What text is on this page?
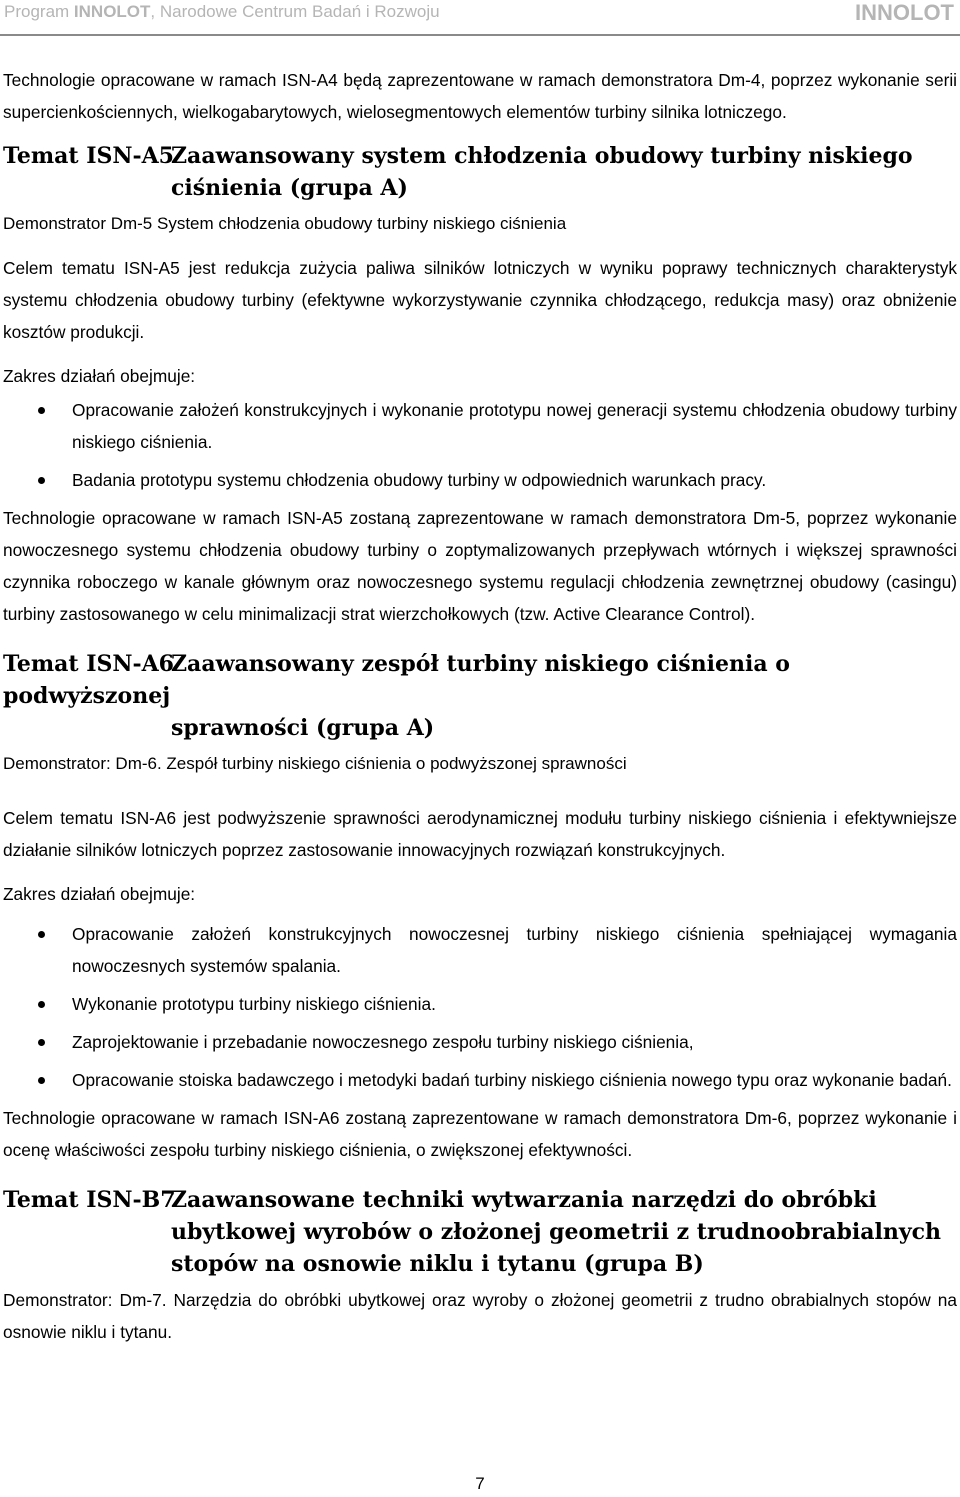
Program INNOLOT, Narodowe Centrum Badań i Rozwoju	INNOLOT

Technologie opracowane w ramach ISN-A4 będą zaprezentowane w ramach demonstratora Dm-4, poprzez wykonanie serii supercienkościennych, wielkogabarytowych, wielosegmentowych elementów turbiny silnika lotniczego.

Temat ISN-A5Zaawansowany system chłodzenia obudowy turbiny niskiego
ciśnienia (grupa A)

Demonstrator Dm-5 System chłodzenia obudowy turbiny niskiego ciśnienia

Celem tematu ISN-A5 jest redukcja zużycia paliwa silników lotniczych w wyniku poprawy technicznych charakterystyk systemu chłodzenia obudowy turbiny (efektywne wykorzystywanie czynnika chłodzącego, redukcja masy) oraz obniżenie kosztów produkcji.

Zakres działań obejmuje:

Opracowanie założeń konstrukcyjnych i wykonanie prototypu nowej generacji systemu chłodzenia obudowy turbiny niskiego ciśnienia.
Badania prototypu systemu chłodzenia obudowy turbiny w odpowiednich warunkach pracy.

Technologie opracowane w ramach ISN-A5 zostaną zaprezentowane w ramach demonstratora Dm-5, poprzez wykonanie nowoczesnego systemu chłodzenia obudowy turbiny o zoptymalizowanych przepływach wtórnych i większej sprawności czynnika roboczego w kanale głównym oraz nowoczesnego systemu regulacji chłodzenia zewnętrznej obudowy (casingu) turbiny zastosowanego w celu minimalizacji strat wierzchołkowych (tzw. Active Clearance Control).

Temat ISN-A6Zaawansowany zespół turbiny niskiego ciśnienia o podwyższonej
sprawności (grupa A)

Demonstrator: Dm-6. Zespół turbiny niskiego ciśnienia o podwyższonej sprawności

Celem tematu ISN-A6 jest podwyższenie sprawności aerodynamicznej modułu turbiny niskiego ciśnienia i efektywniejsze działanie silników lotniczych poprzez zastosowanie innowacyjnych rozwiązań konstrukcyjnych.

Zakres działań obejmuje:

Opracowanie założeń konstrukcyjnych nowoczesnej turbiny niskiego ciśnienia spełniającej wymagania nowoczesnych systemów spalania.
Wykonanie prototypu turbiny niskiego ciśnienia.
Zaprojektowanie i przebadanie nowoczesnego zespołu turbiny niskiego ciśnienia,
Opracowanie stoiska badawczego i metodyki badań turbiny niskiego ciśnienia nowego typu oraz wykonanie badań.

Technologie opracowane w ramach ISN-A6 zostaną zaprezentowane w ramach demonstratora Dm-6, poprzez wykonanie i ocenę właściwości zespołu turbiny niskiego ciśnienia, o zwiększonej efektywności.

Temat ISN-B7Zaawansowane techniki wytwarzania narzędzi do obróbki
ubytkowej wyrobów o złożonej geometrii z trudnoobrabialnych
stopów na osnowie niklu i tytanu (grupa B)

Demonstrator: Dm-7. Narzędzia do obróbki ubytkowej oraz wyroby o złożonej geometrii z trudno obrabialnych stopów na osnowie niklu i tytanu.

7
